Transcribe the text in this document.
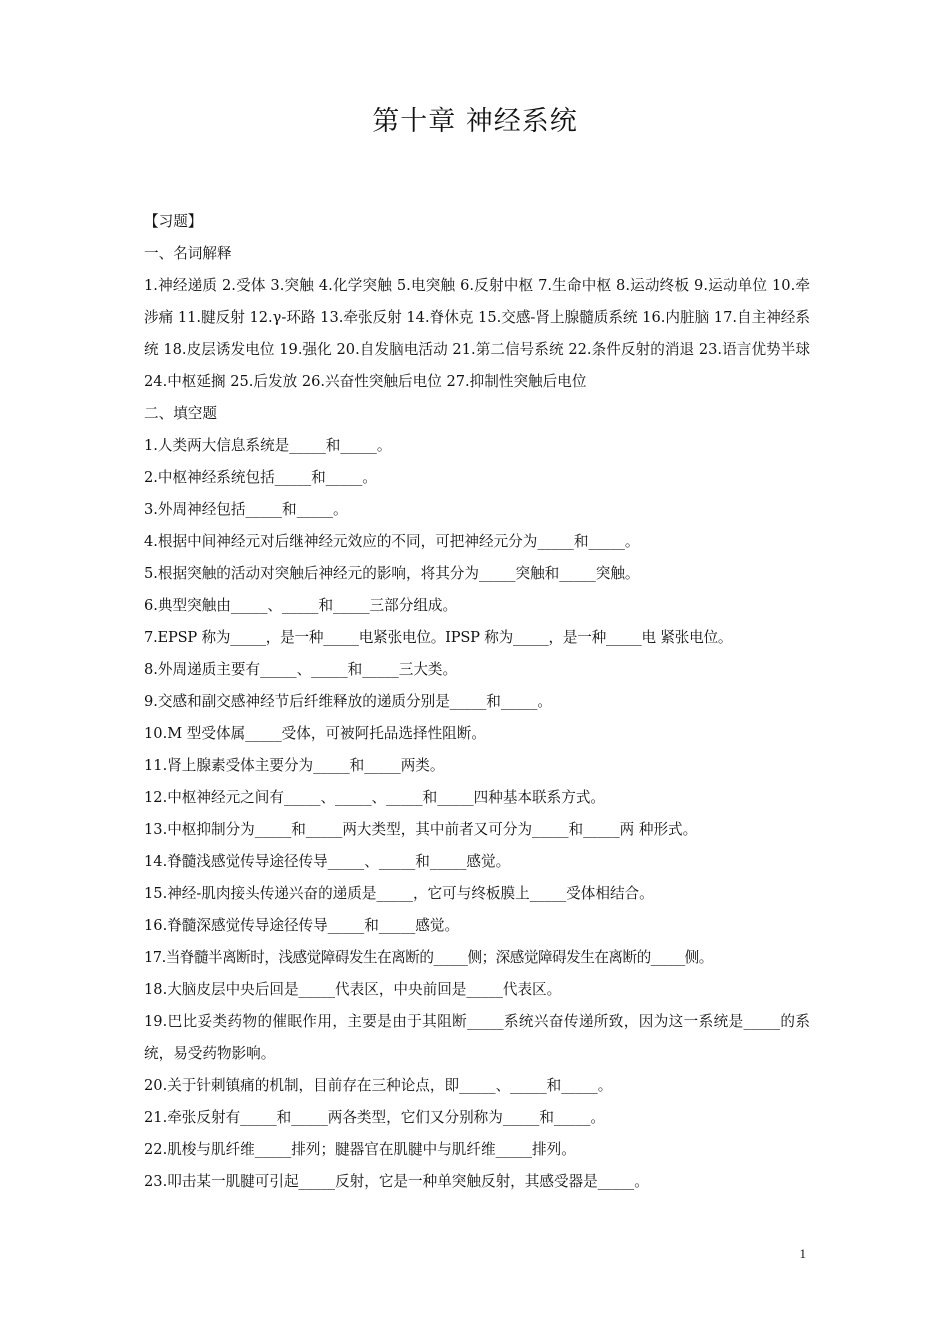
第十章 神经系统
【习题】
一、名词解释
1.神经递质 2.受体 3.突触 4.化学突触 5.电突触 6.反射中枢 7.生命中枢 8.运动终板 9.运动单位 10.牵涉痛 11.腱反射 12.γ-环路 13.牵张反射 14.脊休克 15.交感-肾上腺髓质系统 16.内脏脑 17.自主神经系统 18.皮层诱发电位 19.强化 20.自发脑电活动 21.第二信号系统 22.条件反射的消退 23.语言优势半球 24.中枢延搁 25.后发放 26.兴奋性突触后电位 27.抑制性突触后电位
二、填空题
1.人类两大信息系统是_____和_____。
2.中枢神经系统包括_____和_____。
3.外周神经包括_____和_____。
4.根据中间神经元对后继神经元效应的不同，可把神经元分为_____和_____。
5.根据突触的活动对突触后神经元的影响，将其分为_____突触和_____突触。
6.典型突触由_____、_____和_____三部分组成。
7.EPSP 称为_____，是一种_____电紧张电位。IPSP 称为_____，是一种_____电 紧张电位。
8.外周递质主要有_____、_____和_____三大类。
9.交感和副交感神经节后纤维释放的递质分别是_____和_____。
10.M 型受体属_____受体，可被阿托品选择性阻断。
11.肾上腺素受体主要分为_____和_____两类。
12.中枢神经元之间有_____、_____、_____和_____四种基本联系方式。
13.中枢抑制分为_____和_____两大类型，其中前者又可分为_____和_____两 种形式。
14.脊髓浅感觉传导途径传导_____、_____和_____感觉。
15.神经-肌肉接头传递兴奋的递质是_____，它可与终板膜上_____受体相结合。
16.脊髓深感觉传导途径传导_____和_____感觉。
17.当脊髓半离断时，浅感觉障碍发生在离断的_____侧；深感觉障碍发生在离断的_____侧。
18.大脑皮层中央后回是_____代表区，中央前回是_____代表区。
19.巴比妥类药物的催眠作用，主要是由于其阻断_____系统兴奋传递所致，因为这一系统是_____的系统，易受药物影响。
20.关于针刺镇痛的机制，目前存在三种论点，即_____、_____和_____。
21.牵张反射有_____和_____两各类型，它们又分别称为_____和_____。
22.肌梭与肌纤维_____排列；腱器官在肌腱中与肌纤维_____排列。
23.叩击某一肌腱可引起_____反射，它是一种单突触反射，其感受器是_____。
1
